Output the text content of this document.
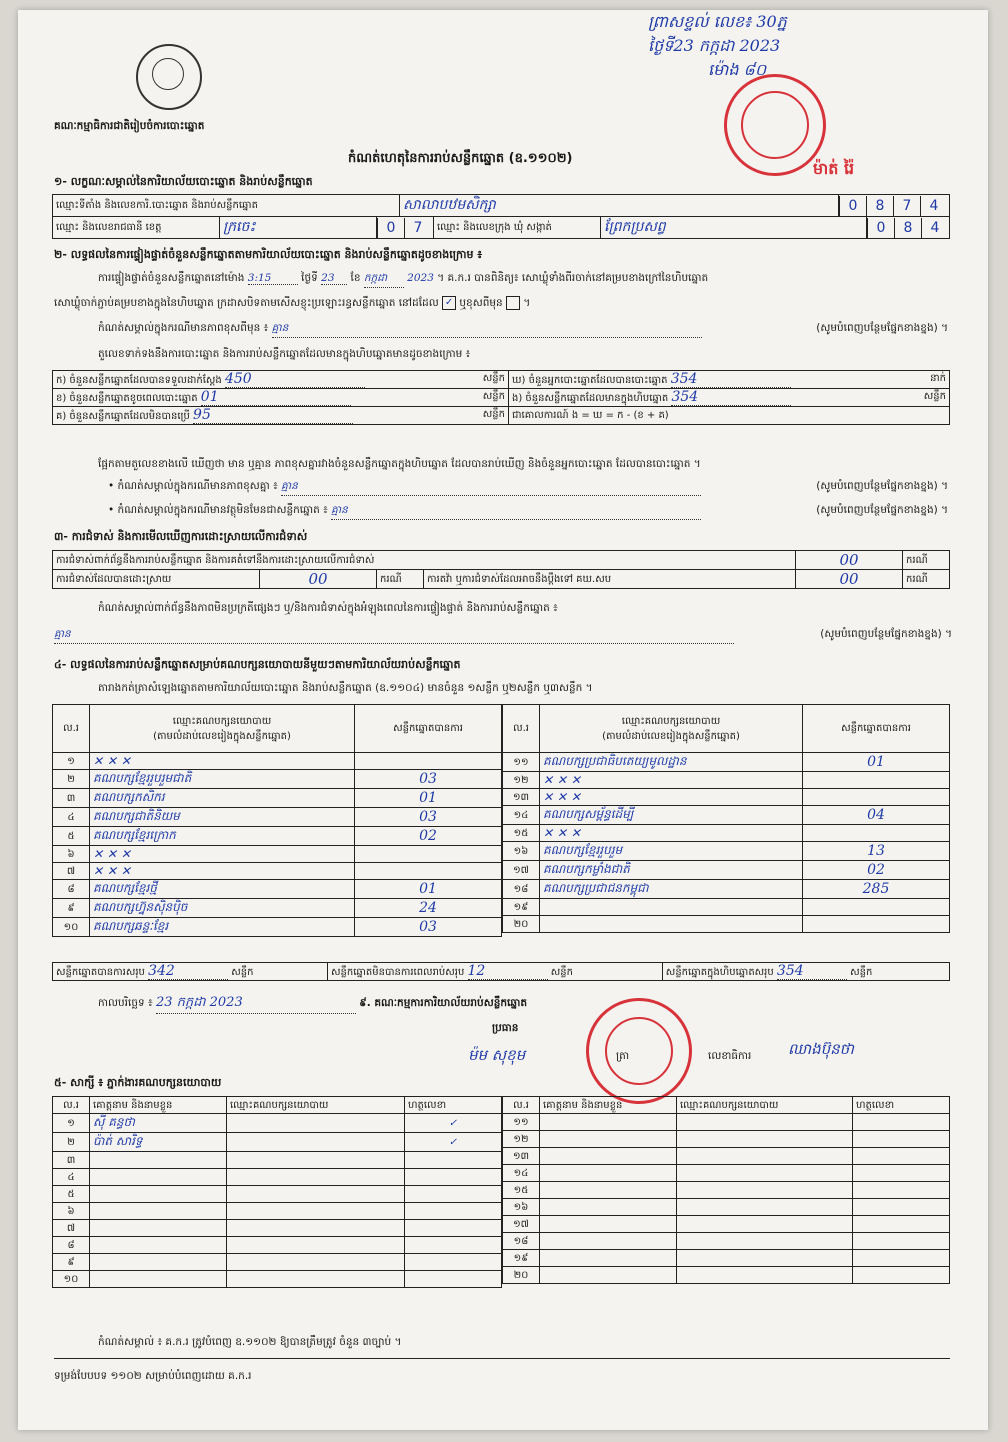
គណៈកម្មាធិការជាតិរៀបចំការបោះឆ្នោត
កំណត់ហេតុនៃការរាប់សន្លឹកឆ្នោត (ឧ.១១០២)
ព្រាសខ្ទល់ លេខ៖ 30ភ្ន
ថ្ងៃទី23 កក្កដា 2023
ម៉ោង ៨០
ម៉ាត់ រ៉ៃ
១- លក្ខណៈសម្គាល់នៃការិយាល័យបោះឆ្នោត និងរាប់សន្លឹកឆ្នោត
ឈ្មោះទីតាំង និងលេខការិ.បោះឆ្នោត និងរាប់សន្លឹកឆ្នោត	សាលាបឋមសិក្សា	0 8 7 4
ឈ្មោះ និងលេខរាជធានី ខេត្ត	ក្រចេះ	0 7	ឈ្មោះ និងលេខក្រុង ឃុំ សង្កាត់	ព្រែកប្រសព្វ	0 8 4
២- លទ្ធផលនៃការផ្ទៀងផ្ទាត់ចំនួនសន្លឹកឆ្នោតតាមការិយាល័យបោះឆ្នោត និងរាប់សន្លឹកឆ្នោតដូចខាងក្រោម ៖
ការផ្ទៀងផ្ទាត់ចំនួនសន្លឹកឆ្នោតនៅម៉ោង 3:15	ថ្ងៃទី 23 ខែ កក្កដា 2023 ។ គ.ក.រ បានពិនិត្យ៖ សោឃ្លុំទាំងពីរចាក់នៅគម្របខាងក្រៅនៃហិបឆ្នោត
សោឃ្លុំចាក់ភ្ជាប់គម្របខាងក្នុងនៃហិបឆ្នោត ក្រដាសបិទតាមសើសខ្ញុះប្រឡោះរន្ធសន្លឹកឆ្នោត នៅដដែល ✓ ឬខុសពីមុន  ។
កំណត់សម្គាល់ក្នុងករណីមានភាពខុសពីមុន ៖ គ្មាន	(សូមបំពេញបន្ថែមផ្នែកខាងខ្នង) ។
តួលេខទាក់ទងនឹងការបោះឆ្នោត និងការរាប់សន្លឹកឆ្នោតដែលមានក្នុងហិបឆ្នោតមានដូចខាងក្រោម ៖
ក) ចំនួនសន្លឹកឆ្នោតដែលបានទទួលដាក់ស្តែង 450 សន្លឹក	ឃ) ចំនួនអ្នកបោះឆ្នោតដែលបានបោះឆ្នោត 354 នាក់

ខ) ចំនួនសន្លឹកឆ្នោតខូចពេលបោះឆ្នោត 01 សន្លឹក	ង) ចំនួនសន្លឹកឆ្នោតដែលមានក្នុងហិបឆ្នោត 354 សន្លឹក

គ) ចំនួនសន្លឹកឆ្នោតដែលមិនបានប្រើ 95 សន្លឹក	ជាគោលការណ៍ ង = ឃ = ក - (ខ + គ)
ផ្អែកតាមតួលេខខាងលើ ឃើញថា មាន ឬគ្មាន ភាពខុសគ្នារវាងចំនួនសន្លឹកឆ្នោតក្នុងហិបឆ្នោត ដែលបានរាប់ឃើញ និងចំនួនអ្នកបោះឆ្នោត ដែលបានបោះឆ្នោត ។
• កំណត់សម្គាល់ក្នុងករណីមានភាពខុសគ្នា ៖ គ្មាន	(សូមបំពេញបន្ថែមផ្នែកខាងខ្នង) ។
• កំណត់សម្គាល់ក្នុងករណីមានវត្ថុមិនមែនជាសន្លឹកឆ្នោត ៖ គ្មាន	(សូមបំពេញបន្ថែមផ្នែកខាងខ្នង) ។
៣- ការជំទាស់ និងការមើលឃើញការដោះស្រាយលើការជំទាស់
ការជំទាស់ពាក់ព័ន្ធនឹងការរាប់សន្លឹកឆ្នោត និងការគតំទៅនឹងការដោះស្រាយលើការជំទាស់				00	ករណី
ការជំទាស់ដែលបានដោះស្រាយ	00	ករណី	ការតវ៉ា ឬការជំទាស់ដែលអាចនឹងប្តឹងទៅ គឃ.សប	00	ករណី
កំណត់សម្គាល់ពាក់ព័ន្ធនឹងភាពមិនប្រក្រតីផ្សេងៗ ឬ/និងការជំទាស់ក្នុងអំឡុងពេលនៃការផ្ទៀងផ្ទាត់ និងការរាប់សន្លឹកឆ្នោត ៖
គ្មាន	(សូមបំពេញបន្ថែមផ្នែកខាងខ្នង) ។
៤- លទ្ធផលនៃការរាប់សន្លឹកឆ្នោតសម្រាប់គណបក្សនយោបាយនីមួយៗតាមការិយាល័យរាប់សន្លឹកឆ្នោត
តារាងកត់ត្រាសំឡេងឆ្នោតតាមការិយាល័យបោះឆ្នោត និងរាប់សន្លឹកឆ្នោត (ឧ.១១០៤) មានចំនួន ១សន្លឹក ឬ២សន្លឹក ឬ៣សន្លឹក ។
ល.រ	ឈ្មោះគណបក្សនយោបាយ
(តាមលំដាប់លេខរៀងក្នុងសន្លឹកឆ្នោត)	សន្លឹកឆ្នោតបានការ
១	✕ ✕ ✕	
២	គណបក្សខ្មែររួបរួមជាតិ	03
៣	គណបក្សកសិករ	01
៤	គណបក្សជាតិនិយម	03
៥	គណបក្សខ្មែរក្រោក	02
៦	✕ ✕ ✕	
៧	✕ ✕ ✕	
៨	គណបក្សខ្មែរថ្មី	01
៩	គណបក្សហ្វ៊ុនស៊ិនប៉ិច	24
១០	គណបក្សឆន្ទៈខ្មែរ	03
ល.រ	ឈ្មោះគណបក្សនយោបាយ
(តាមលំដាប់លេខរៀងក្នុងសន្លឹកឆ្នោត)	សន្លឹកឆ្នោតបានការ
១១	គណបក្សប្រជាធិបតេយ្យមូលដ្ឋាន	01
១២	✕ ✕ ✕	
១៣	✕ ✕ ✕	
១៤	គណបក្សសម្ព័ន្ធដើម្បី	04
១៥	✕ ✕ ✕	
១៦	គណបក្សខ្មែររួបរួម	13
១៧	គណបក្សកម្លាំងជាតិ	02
១៨	គណបក្សប្រជាជនកម្ពុជា	285
១៩		
២០		
សន្លឹកឆ្នោតបានការសរុប 342	សន្លឹក	សន្លឹកឆ្នោតមិនបានការពេលរាប់សរុប 12	សន្លឹក	សន្លឹកឆ្នោតក្នុងហិបឆ្នោតសរុប 354	សន្លឹក
កាលបរិច្ឆេទ ៖ 23 កក្កដា 2023	៩. គណៈកម្មការការិយាល័យរាប់សន្លឹកឆ្នោត
ប្រធាន
ម៉ម សុខុម	ត្រា	លេខាធិការ ឈាងប៊ុនថា
៥- សាក្សី ៖ ភ្នាក់ងារគណបក្សនយោបាយ
ល.រ	គោត្តនាម និងនាមខ្លួន	ឈ្មោះគណបក្សនយោបាយ	ហត្ថលេខា
១	ស៊ី គន្ធថា		✓
២	ប៉ាត់ សារិទ្ធ		✓
៣			
៤			
៥			
៦			
៧			
៨			
៩			
១០			
ល.រ	គោត្តនាម និងនាមខ្លួន	ឈ្មោះគណបក្សនយោបាយ	ហត្ថលេខា
១១			
១២			
១៣			
១៤			
១៥			
១៦			
១៧			
១៨			
១៩			
២០			
កំណត់សម្គាល់ ៖ គ.ក.រ ត្រូវបំពេញ ឧ.១១០២ ឱ្យបានត្រឹមត្រូវ ចំនួន ៣ច្បាប់ ។
ទម្រង់បែបបទ ១១០២ សម្រាប់បំពេញដោយ គ.ក.រ
